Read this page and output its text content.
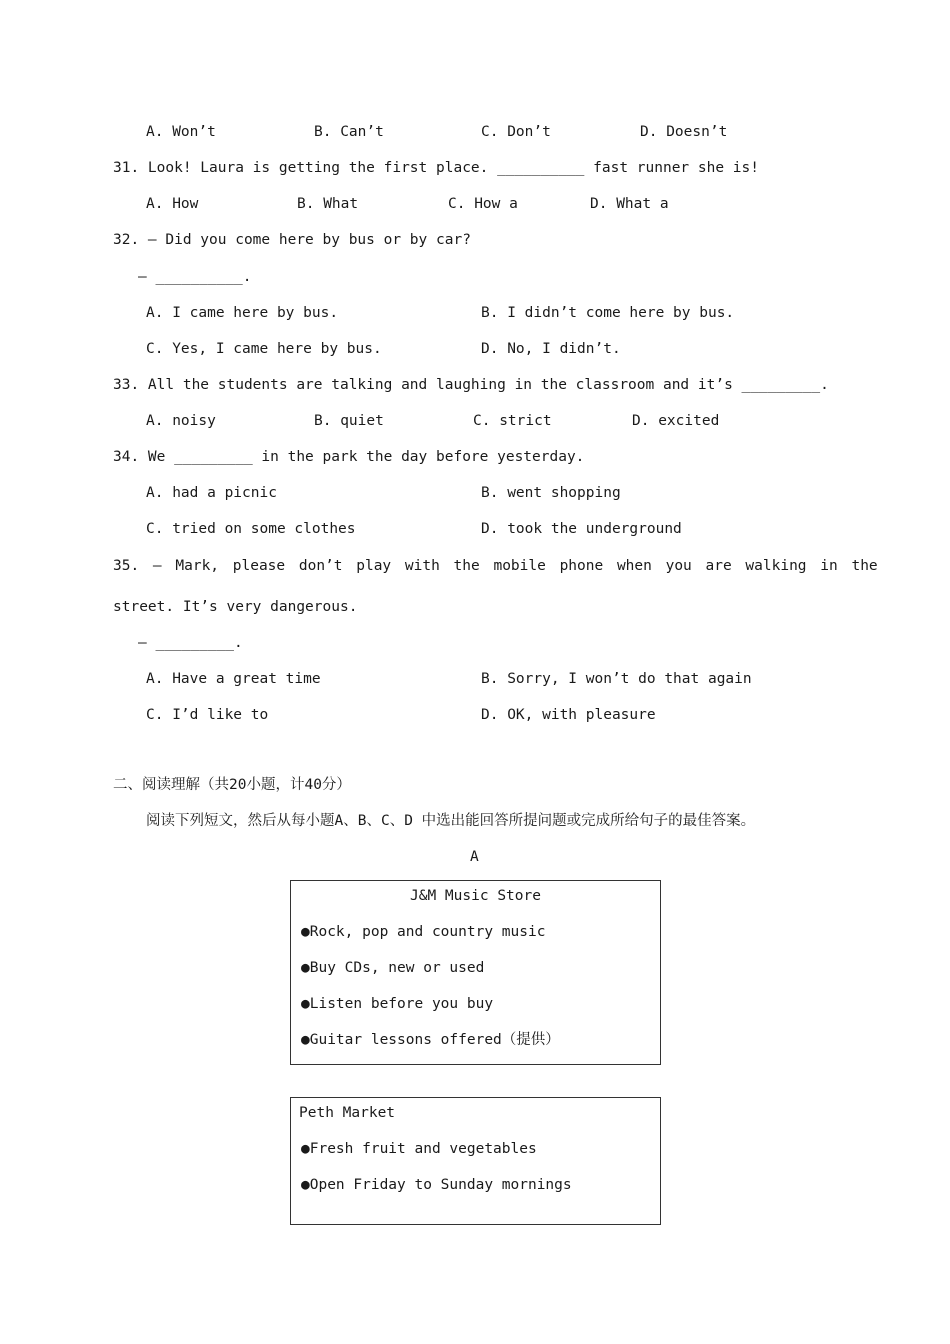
A. Won’t	B. Can’t	C. Don’t	D. Doesn’t
31. Look! Laura is getting the first place. __________ fast runner she is!
A. How	B. What	C. How a	D. What a
32. — Did you come here by bus or by car?
— __________.
A. I came here by bus.	B. I didn’t come here by bus.
C. Yes, I came here by bus.	D. No, I didn’t.
33. All the students are talking and laughing in the classroom and it’s _________.
A. noisy	B. quiet	C. strict	D. excited
34. We _________ in the park the day before yesterday.
A. had a picnic	B. went shopping
C. tried on some clothes	D. took the underground
35. — Mark, please don’t play with the mobile phone when you are walking in the
street. It’s very dangerous.
— _________.
A. Have a great time	B. Sorry, I won’t do that again
C. I’d like to	D. OK, with pleasure
二、阅读理解（共20小题，计40分）
阅读下列短文，然后从每小题A、B、C、D 中选出能回答所提问题或完成所给句子的最佳答案。
A
J&M Music Store
●Rock, pop and country music
●Buy CDs, new or used
●Listen before you buy
●Guitar lessons offered（提供）
Peth Market
●Fresh fruit and vegetables
●Open Friday to Sunday mornings
